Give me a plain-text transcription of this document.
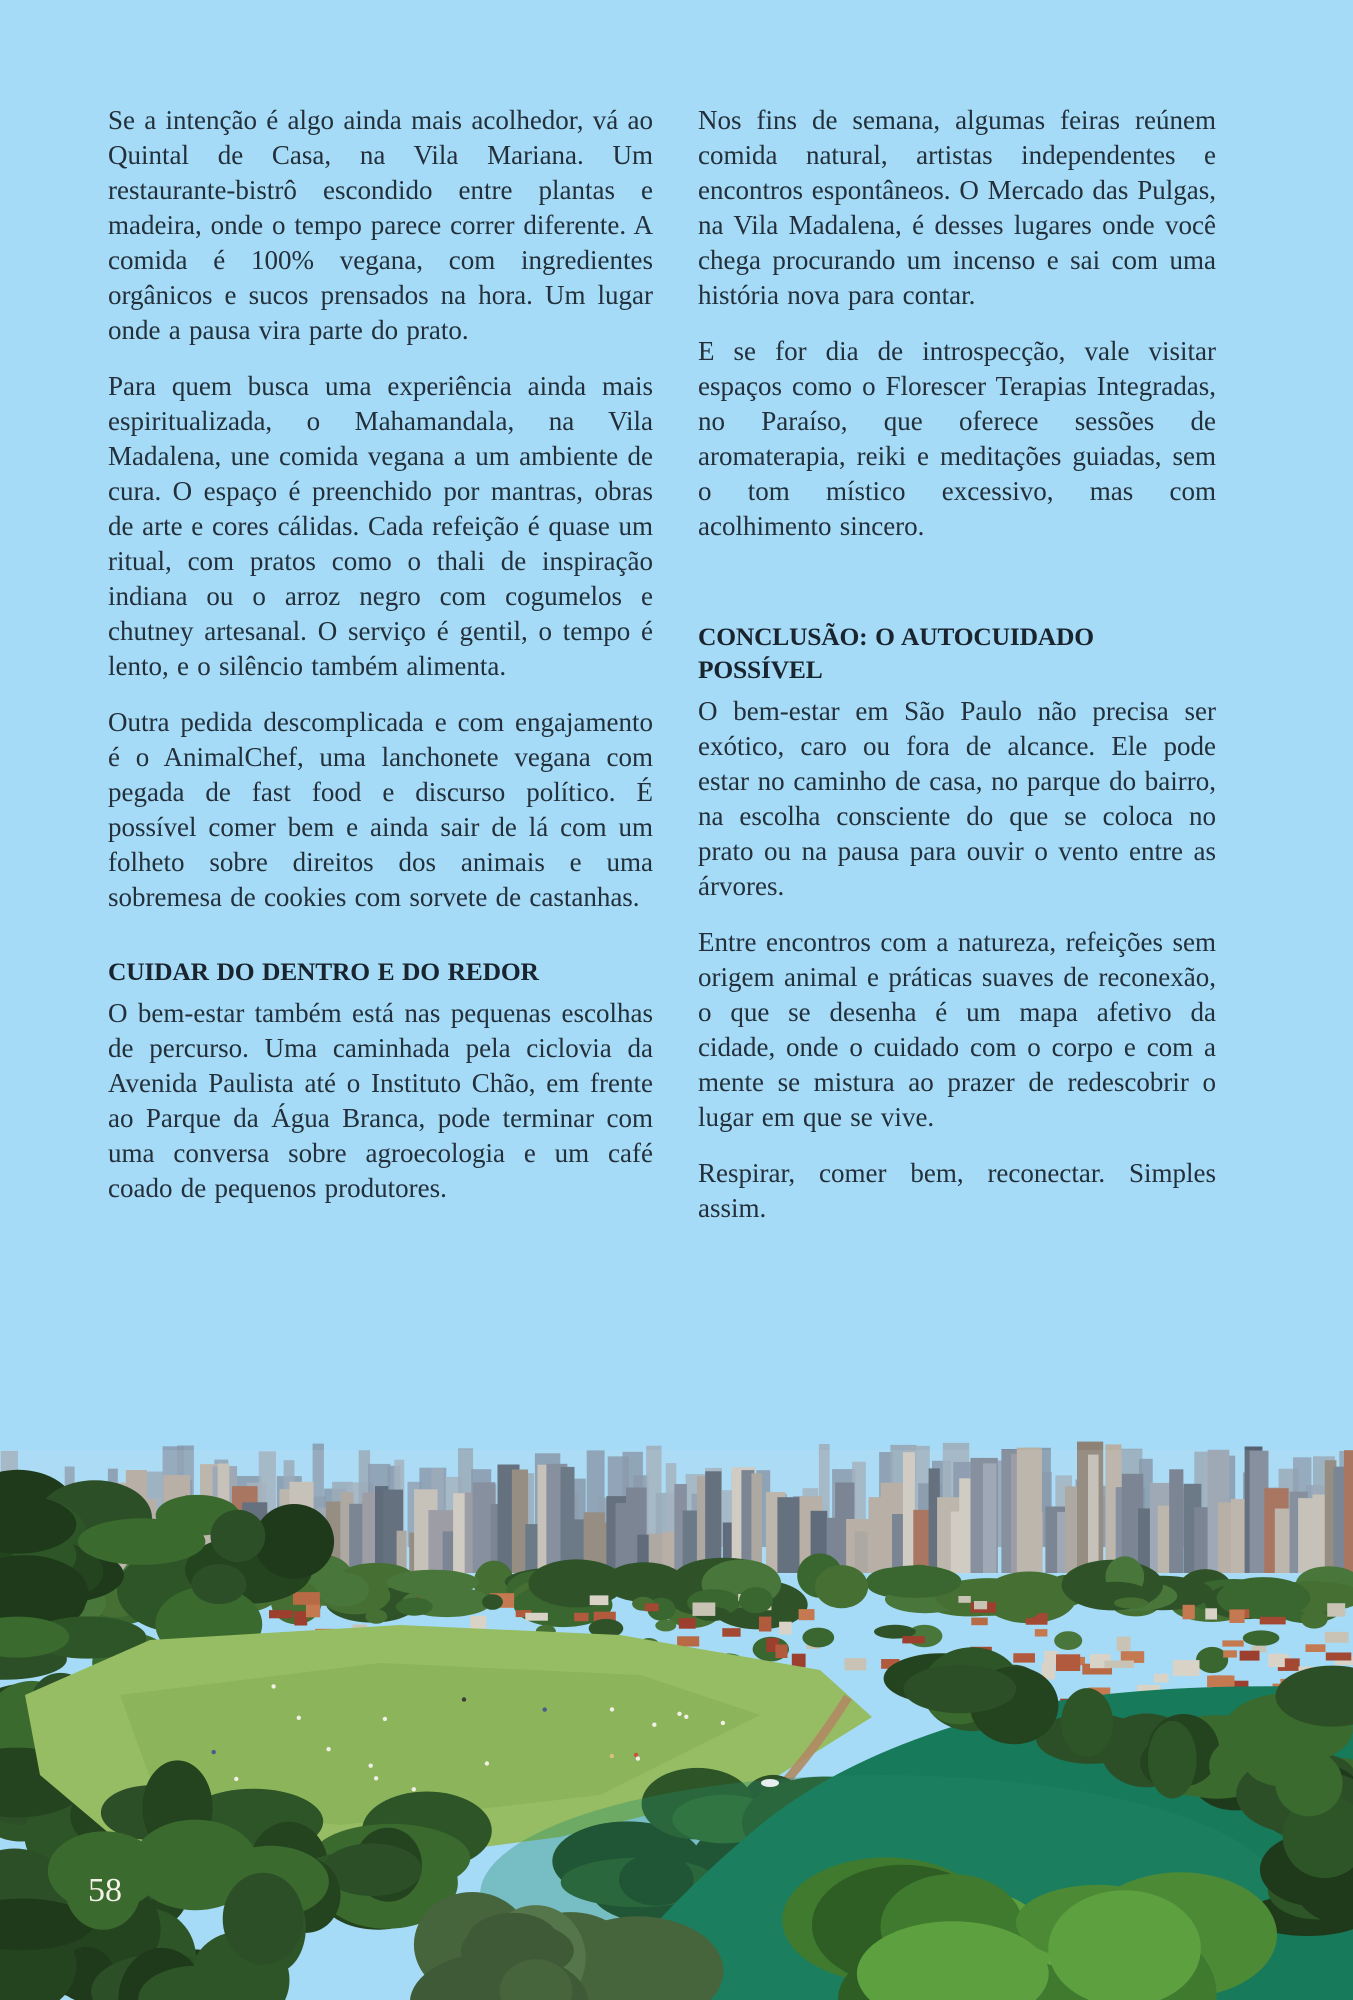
Se a intenção é algo ainda mais acolhedor, vá ao Quintal de Casa, na Vila Mariana. Um restaurante-bistrô escondido entre plantas e madeira, onde o tempo parece correr diferente. A comida é 100% vegana, com ingredientes orgânicos e sucos prensados na hora. Um lugar onde a pausa vira parte do prato.

Para quem busca uma experiência ainda mais espiritualizada, o Mahamandala, na Vila Madalena, une comida vegana a um ambiente de cura. O espaço é preenchido por mantras, obras de arte e cores cálidas. Cada refeição é quase um ritual, com pratos como o thali de inspiração indiana ou o arroz negro com cogumelos e chutney artesanal. O serviço é gentil, o tempo é lento, e o silêncio também alimenta.

Outra pedida descomplicada e com engajamento é o AnimalChef, uma lanchonete vegana com pegada de fast food e discurso político. É possível comer bem e ainda sair de lá com um folheto sobre direitos dos animais e uma sobremesa de cookies com sorvete de castanhas.

CUIDAR DO DENTRO E DO REDOR

O bem-estar também está nas pequenas escolhas de percurso. Uma caminhada pela ciclovia da Avenida Paulista até o Instituto Chão, em frente ao Parque da Água Branca, pode terminar com uma conversa sobre agroecologia e um café coado de pequenos produtores.

Nos fins de semana, algumas feiras reúnem comida natural, artistas independentes e encontros espontâneos. O Mercado das Pulgas, na Vila Madalena, é desses lugares onde você chega procurando um incenso e sai com uma história nova para contar.

E se for dia de introspecção, vale visitar espaços como o Florescer Terapias Integradas, no Paraíso, que oferece sessões de aromaterapia, reiki e meditações guiadas, sem o tom místico excessivo, mas com acolhimento sincero.

CONCLUSÃO: O AUTOCUIDADO POSSÍVEL

O bem-estar em São Paulo não precisa ser exótico, caro ou fora de alcance. Ele pode estar no caminho de casa, no parque do bairro, na escolha consciente do que se coloca no prato ou na pausa para ouvir o vento entre as árvores.

Entre encontros com a natureza, refeições sem origem animal e práticas suaves de reconexão, o que se desenha é um mapa afetivo da cidade, onde o cuidado com o corpo e com a mente se mistura ao prazer de redescobrir o lugar em que se vive.

Respirar, comer bem, reconectar. Simples assim.

58
